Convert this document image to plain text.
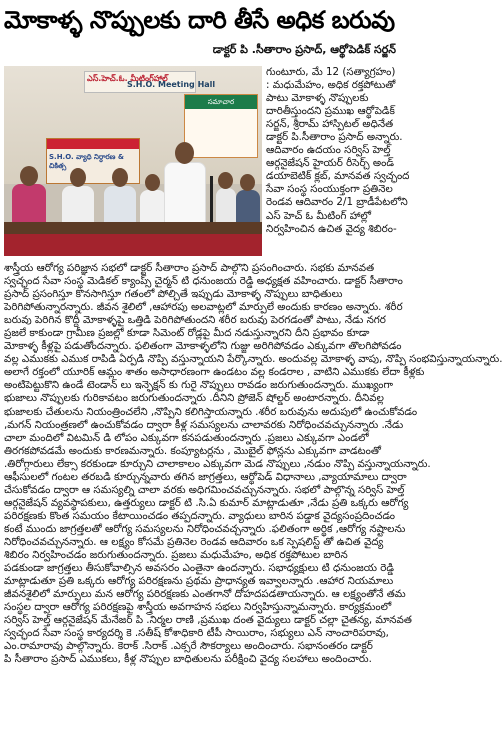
మోకాళ్ళ నొప్పులకు దారి తీసే అధిక బరువు
డాక్టర్ పి .సీతారాం ప్రసాద్, ఆర్థోపెడిక్ సర్జన్
ఎస్.హెచ్.ఓ. మీటింగ్‌హాల్
S.H.O. Meeting Hall
S.H.O. వ్యాధి నిర్ధారణ & చికిత్స
సమాచార
గుంటూరు, మే 12 (సత్యాగ్రహం)
: మధుమేహం, అధిక రక్తపోటుతో
పాటు మోకాళ్ళ నొప్పులకు
దారితీస్తుందని ప్రముఖ ఆర్థోపెడిక్
సర్జన్, శ్రీరామ్ హాస్పిటల్ అధినేత
డాక్టర్ పి.సీతారాం ప్రసాద్ అన్నారు.
ఆదివారం ఉదయం సర్విస్ హెల్త్
ఆర్గనైజేషన్ హైయర్ రీసెర్చ్ అండ్
డయాబెటిక్ క్లబ్, మానవత స్వచ్ఛంద
సేవా సంస్థ సంయుక్తంగా ప్రతినెల
రెండవ ఆదివారం 2/1 బ్రాడీపేటలోని
ఎస్ హెచ్ ఓ మీటింగ్ హాల్లో
నిర్వహించిన ఉచిత వైద్య శిబిరం-
శాస్త్రీయ ఆరోగ్య పరిజ్ఞాన సభలో డాక్టర్ సీతారాం ప్రసాద్ పాల్గొని ప్రసంగించారు. సభకు మానవత
స్వచ్ఛంద సేవా సంస్థ మెడికల్ క్యాంప్స్ చైర్మన్ టి ధనుంజయ రెడ్డి అధ్యక్షత వహించారు. డాక్టర్ సీతారాం
ప్రసాద్ ప్రసంగిస్తూ కొనసాగిస్తూ గతంలో పోల్చితే ఇప్పుడు మోకాళ్ళ నొప్పులు బాధితులు
పెరిగిపోతున్నారన్నారు. జీవన శైలిలో ,ఆహారపు అలవాట్లలో మార్పులే అందుకు కారణం అన్నారు. శరీర
బరువు పెరిగిన కొద్దీ మోకాళ్ళపై ఒత్తిడి పెరిగిపోతుందని శరీర బరువు పెరగడంతో పాటు, నేడు నగర
ప్రజలే కాకుండా గ్రామీణ ప్రజల్లో కూడా సిమెంట్ రోడ్లపై మీద నడుస్తున్నారని దీని ప్రభావం కూడా
మోకాళ్ళ కీళ్లపై పడుతోందన్నారు. ఫలితంగా మోకాళ్ళలోని గుజ్జు అరిగిపోవడం ఎక్కువగా తొలగిపోవడం
వల్ల ఎముకకు ఎముక రాపిడి ఏర్పడి నొప్పి వస్తున్నాయని పేర్కొన్నారు. అందువల్ల మోకాళ్ళ వాపు, నొప్పి సంభవిస్తున్నాయన్నారు.
అలాగే రక్తంలో యూరిక్ ఆమ్లం శాతం అసాధారణంగా ఉండటం వల్ల కండరాల , వాటిని ఎముకకు లేదా కీళ్లకు
అంటిపెట్టుకొని ఉండే టెండాన్ లు ఇన్ఫెక్షన్ కు గురై నొప్పులు రావడం జరుగుతుందన్నారు. ముఖ్యంగా
భుజాలు నొప్పులకు గురికావటం జరుగుతుందన్నారు .దీనిని ప్రోజెన్ షోల్డర్ అంటారన్నారు. దీనివల్ల
భుజాలకు చేతులను నియంత్రించలేని ,నొప్పిని కలిగిస్తాయన్నారు .శరీర బరువును అదుపులో ఉంచుకోవడం
,మగన్ నియంత్రణలో ఉంచుకోవడం ద్వారా కీళ్ల సమస్యలను చాలావరకు నిరోధించవచ్చునన్నారు .నేడు
చాలా మందిలో విటమిన్ డి లోపం ఎక్కువగా కనపడుతుందన్నారు .ప్రజలు ఎక్కువగా ఎండలో
తిరగకపోవడమే అందుకు కారణమన్నారు. కంప్యూటర్లను , మొబైల్ ఫోన్లను ఎక్కువగా వాడటంతో
.తిరోగ్గారులు లేక్సా కరకుండా కూర్చుని చాలాకాలం ఎక్కువగా మెడ నొప్పులు ,నడుం నొప్పి వస్తున్నాయన్నారు.
ఆఫీసులలో గంటల తరబడి కూర్చున్నవారు తగిన జాగ్రత్తలు, ఆర్థోపెడ్ విధానాలు ,వ్యాయామాలు ద్వారా
చేసుకోవడం ద్వారా ఆ సమస్యల్ని చాలా వరకు అధిగమించవచ్చునన్నారు. సభలో పాల్గొన్న సర్విస్ హెల్త్
ఆర్గనైజేషన్ వ్యవస్థాపకులు, ఉత్తర్యులు డాక్టర్ టి .సి.ఏ కుమార్ మాట్లాడుతూ ,నేడు ప్రతి ఒక్కరు ఆరోగ్య
పరిరక్షణకు కొంత సమయం కేటాయించడం తప్పదన్నారు. వ్యాధులు బారిన పడ్డాక వైద్యసంప్రదించడం
కంటే ముందు జాగ్రత్తలతో ఆరోగ్య సమస్యలను నిరోధించవచ్చన్నారు .ఫలితంగా అర్థిక ,ఆరోగ్య నష్టాలను
నిరోధించవచ్చునన్నారు. ఆ లక్ష్యం కోసమే ప్రతినెల రెండవ ఆదివారం ఒక స్పెషలిస్ట్ తో ఉచిత వైద్య
శిబిరం నిర్వహించడం జరుగుతుందన్నారు. ప్రజలు మధుమేహం, అధిక రక్తపోటుల బారిన
పడకుండా జాగ్రత్తలు తీసుకోవాల్సిన అవసరం ఎంతైనా ఉందన్నారు. సభాధ్యక్షులు టి ధనుంజయ రెడ్డి
మాట్లాడుతూ ప్రతి ఒక్కరు ఆరోగ్య పరిరక్షణను ప్రథమ ప్రాధాన్యత ఇవ్వాలన్నారు .ఆహార నియమాలు
జీవనశైలిలో మార్పులు మన ఆరోగ్య పరిరక్షణకు ఎంతగానో దోహదపడతాయన్నారు. ఆ లక్ష్యంతోనే తమ
సంస్థల ద్వారా ఆరోగ్య పరిరక్షణపై శాస్త్రీయ అవగాహన సభలు నిర్వహిస్తున్నామన్నారు. కార్యక్రమంలో
సర్విస్ హెల్త్ ఆర్గనైజేషన్ మేనేజర్ పి .నిర్మల రాణి ,ప్రముఖ దంత వైద్యులు డాక్టర్ చల్లా చైతన్య, మానవత
స్వచ్ఛంద సేవా సంస్థ కార్యదర్శి కె .సతీష్ కోశాధికారి టీపీ సాయిరాం, సభ్యులు ఎన్ నాంచారిపరావు,
ఎం.రామారావు పాల్గొన్నారు. కెరాక్ .సిరాక్ .ఎక్సరే సౌకర్యాలు అందించారు. సభానంతరం డాక్టర్
పి సీతారాం ప్రసాద్ ఎముకలు, కీళ్ల నొప్పుల బాధితులను పరీక్షించి వైద్య సలహాలు అందించారు.
